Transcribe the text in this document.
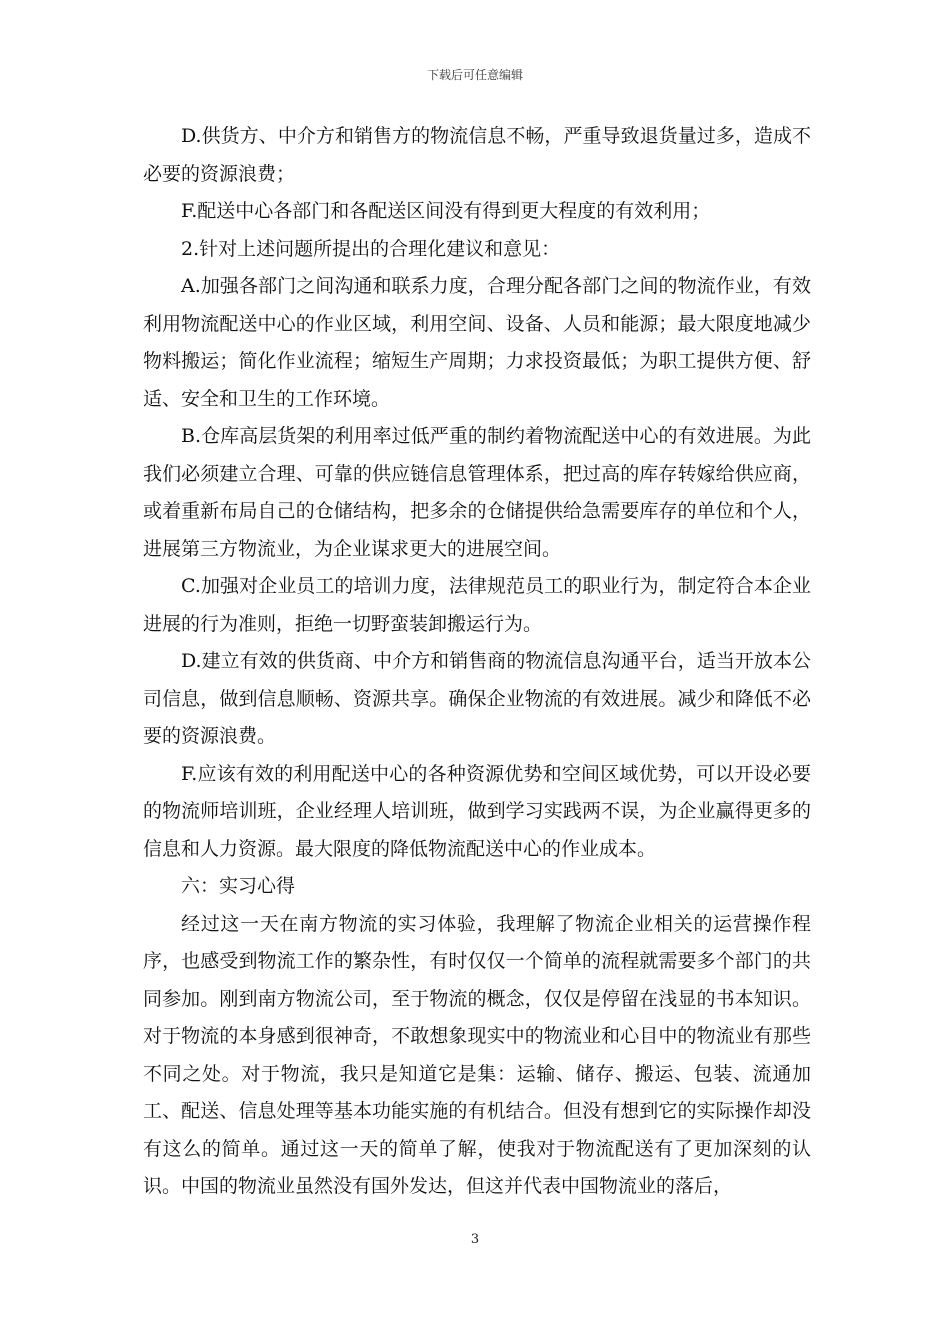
下载后可任意编辑

D.供货方、中介方和销售方的物流信息不畅，严重导致退货量过多，造成不必要的资源浪费；

F.配送中心各部门和各配送区间没有得到更大程度的有效利用；

2.针对上述问题所提出的合理化建议和意见：

A.加强各部门之间沟通和联系力度，合理分配各部门之间的物流作业，有效利用物流配送中心的作业区域，利用空间、设备、人员和能源；最大限度地减少物料搬运；简化作业流程；缩短生产周期；力求投资最低；为职工提供方便、舒适、安全和卫生的工作环境。

B.仓库高层货架的利用率过低严重的制约着物流配送中心的有效进展。为此我们必须建立合理、可靠的供应链信息管理体系，把过高的库存转嫁给供应商，或着重新布局自己的仓储结构，把多余的仓储提供给急需要库存的单位和个人，进展第三方物流业，为企业谋求更大的进展空间。

C.加强对企业员工的培训力度，法律规范员工的职业行为，制定符合本企业进展的行为准则，拒绝一切野蛮装卸搬运行为。

D.建立有效的供货商、中介方和销售商的物流信息沟通平台，适当开放本公司信息，做到信息顺畅、资源共享。确保企业物流的有效进展。减少和降低不必要的资源浪费。

F.应该有效的利用配送中心的各种资源优势和空间区域优势，可以开设必要的物流师培训班，企业经理人培训班，做到学习实践两不误，为企业赢得更多的信息和人力资源。最大限度的降低物流配送中心的作业成本。

六：实习心得

经过这一天在南方物流的实习体验，我理解了物流企业相关的运营操作程序，也感受到物流工作的繁杂性，有时仅仅一个简单的流程就需要多个部门的共同参加。刚到南方物流公司，至于物流的概念，仅仅是停留在浅显的书本知识。对于物流的本身感到很神奇，不敢想象现实中的物流业和心目中的物流业有那些不同之处。对于物流，我只是知道它是集：运输、储存、搬运、包装、流通加工、配送、信息处理等基本功能实施的有机结合。但没有想到它的实际操作却没有这么的简单。通过这一天的简单了解，使我对于物流配送有了更加深刻的认识。中国的物流业虽然没有国外发达，但这并代表中国物流业的落后，

3
